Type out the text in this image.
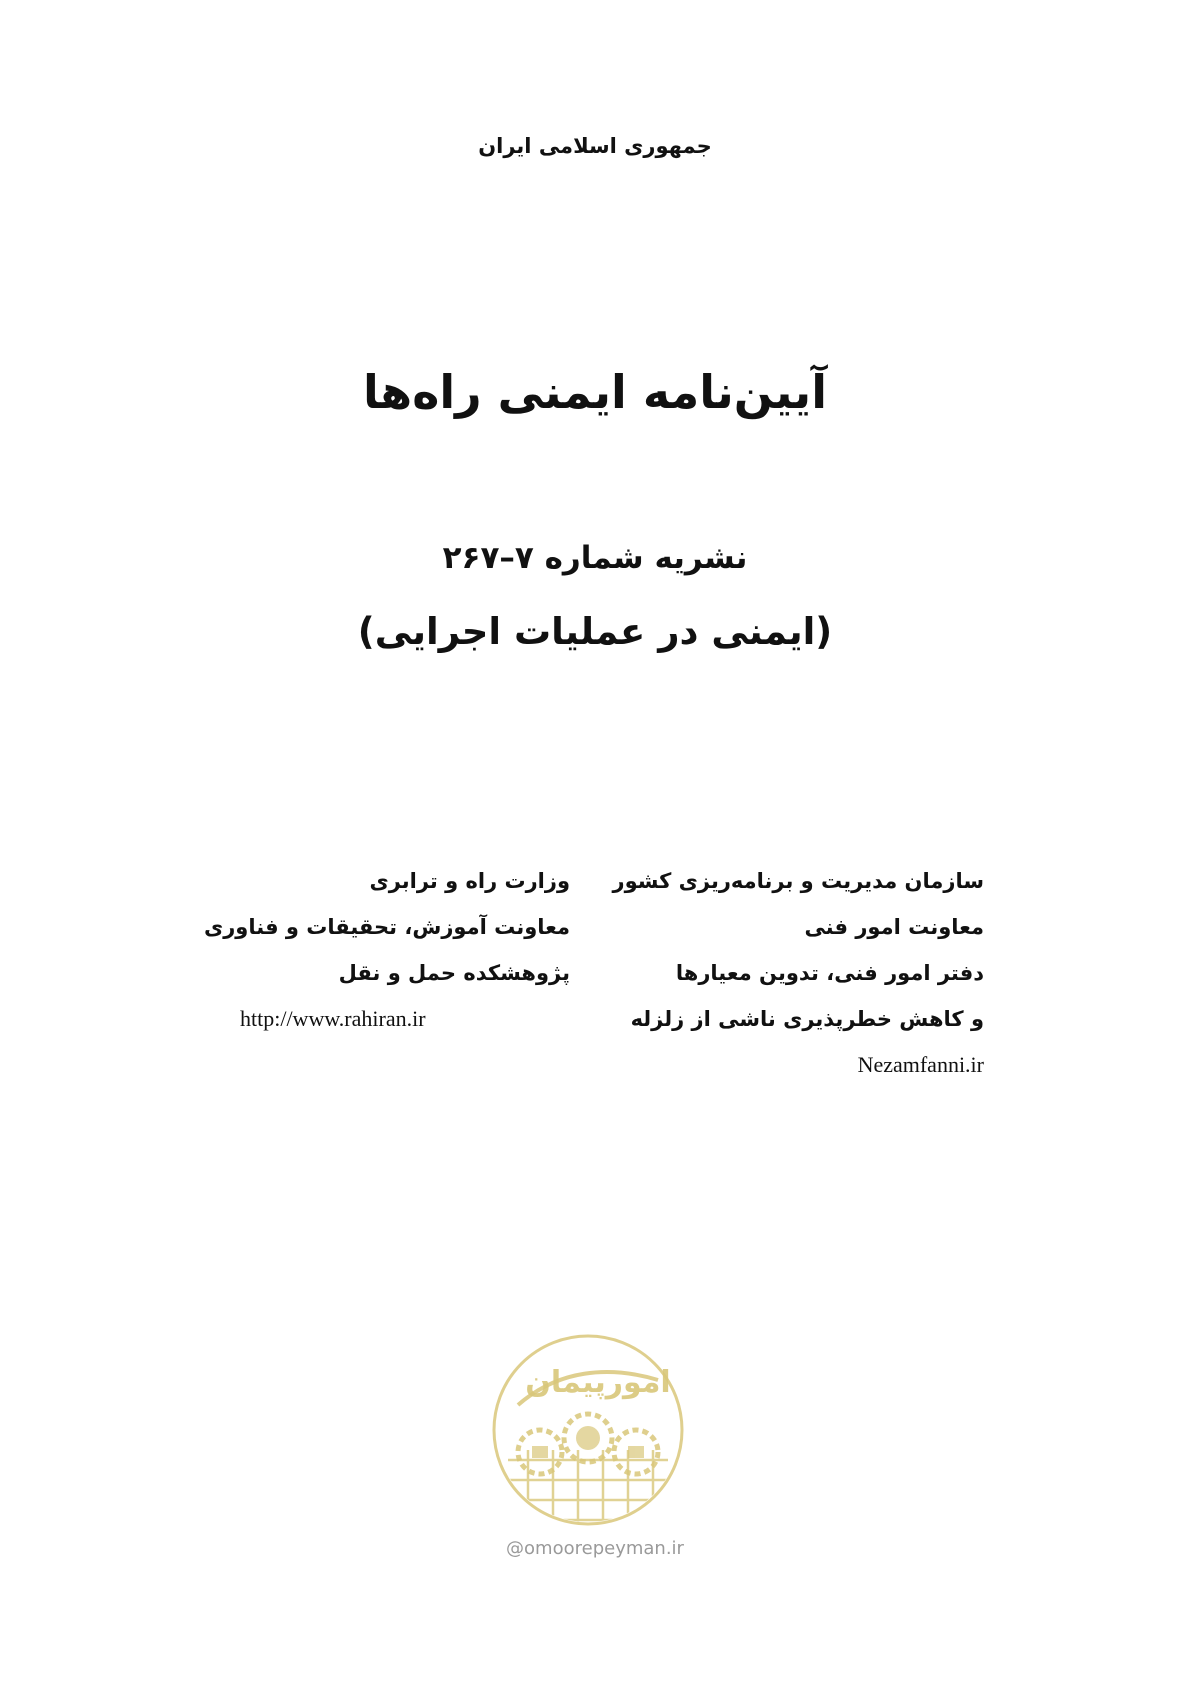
جمهوری اسلامی ایران
آیین‌نامه ایمنی راه‌ها
نشریه شماره ۷–۲۶۷
(ایمنی در عملیات اجرایی)
سازمان مدیریت و برنامه‌ریزی کشور
معاونت امور فنی
دفتر امور فنی، تدوین معیارها
و کاهش خطرپذیری ناشی از زلزله
Nezamfanni.ir
وزارت راه و ترابری
معاونت آموزش، تحقیقات و فناوری
پژوهشکده حمل و نقل
http://www.rahiran.ir
امورپیمان
@omoorepeyman.ir
